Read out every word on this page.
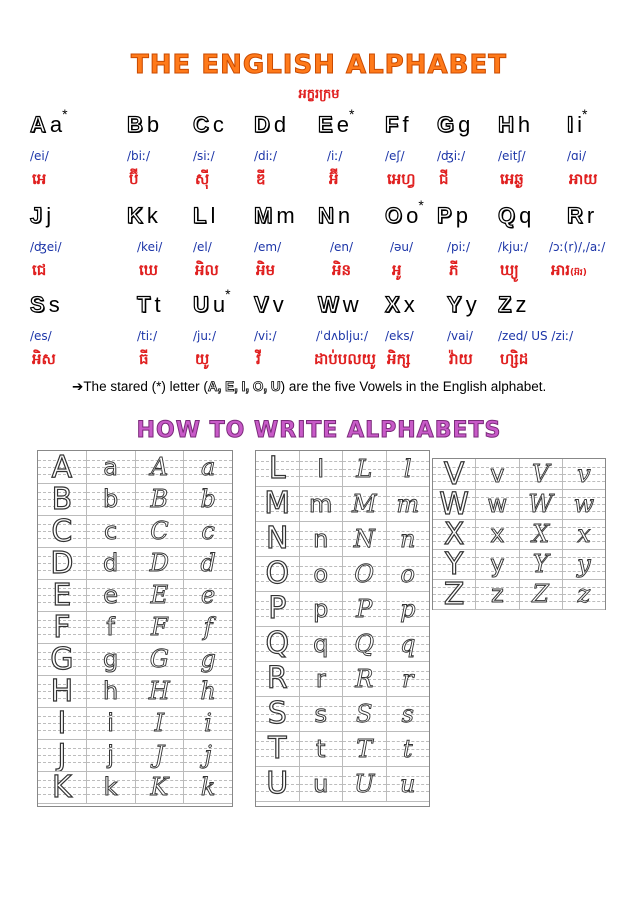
THE ENGLISH ALPHABET
អក្ខរក្រម
A a*
/ei/
អេ
B b
/biː/
ប៊ី
C c
/siː/
ស៊ី
D d
/diː/
ឌី
E e*
/iː/
អ៊ី
F f
/eʃ/
អេហ្វ
G g
/ʤiː/
ជី
H h
/eitʃ/
អេឆ្ង
I i*
/ɑi/
អាយ
J j
/ʤei/
ជេ
K k
/kei/
ឃេ
L l
/el/
អិល
M m
/em/
អិម
N n
/en/
អិន
O o*
/əu/
អូ
P p
/piː/
ភី
Q q
/kjuː/
ឃ្យូ
R r
/ɔː(r)/,/aː/
អារ(អ៊រ)
S s
/es/
អិស
T t
/tiː/
ធី
U u*
/juː/
យូ
V v
/viː/
វី
W w
/ˈdʌbljuː/
ដាប់បលយូ
X x
/eks/
អិក្ស
Y y
/vai/
វ៉ាយ
Z z
/zed/ US /ziː/
ហ្សិដ
➔The stared (*) letter (A, E, I, O, U) are the five Vowels in the English alphabet.
HOW TO WRITE ALPHABETS
A a A a
B b B b
C c C c
D d D d
E e E e
F f F f
G g G g
H h H h
I i I i
J j J j
K k K k
L l L l
M m M m
N n N n
O o O o
P p P p
Q q Q q
R r R r
S s S s
T t T t
U u U u
V v V v
W w W w
X x X x
Y y Y y
Z z Z z
